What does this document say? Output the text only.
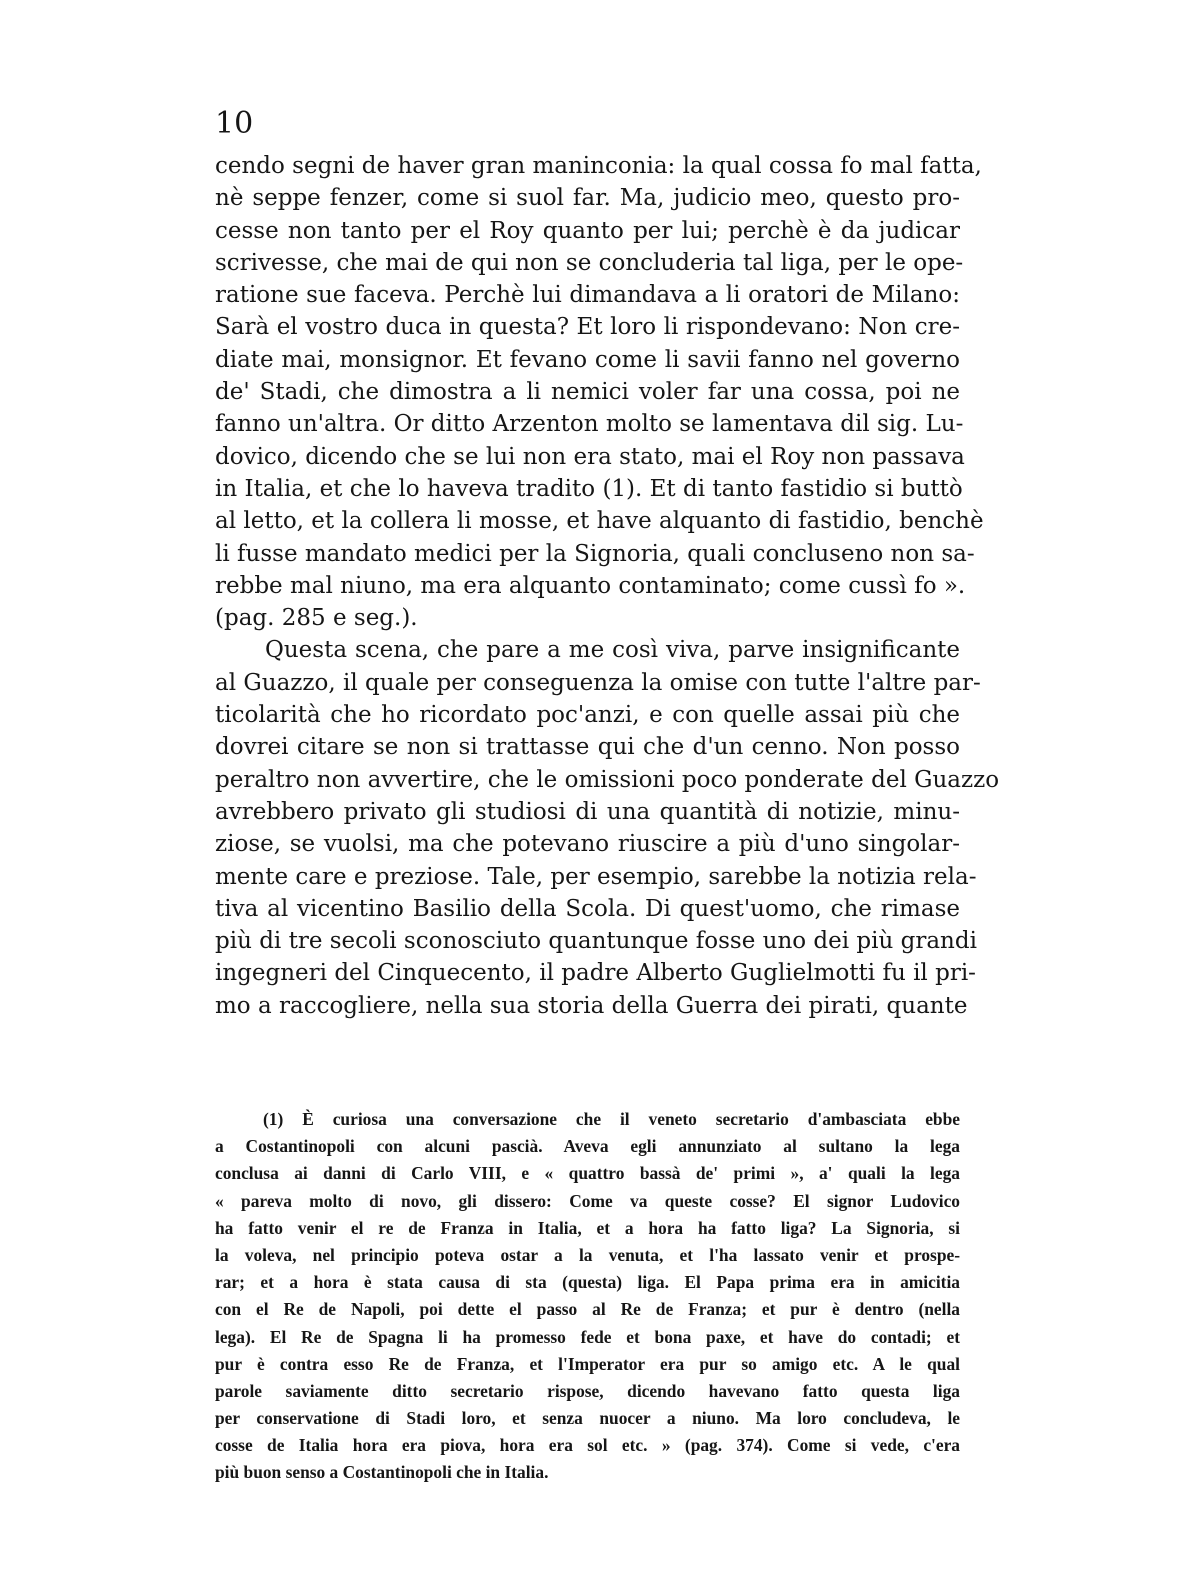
10
cendo segni de haver gran maninconia: la qual cossa fo mal fatta,
nè seppe fenzer, come si suol far. Ma, judicio meo, questo pro-
cesse non tanto per el Roy quanto per lui; perchè è da judicar
scrivesse, che mai de qui non se concluderia tal liga, per le ope-
ratione sue faceva. Perchè lui dimandava a li oratori de Milano:
Sarà el vostro duca in questa? Et loro li rispondevano: Non cre-
diate mai, monsignor. Et fevano come li savii fanno nel governo
de' Stadi, che dimostra a li nemici voler far una cossa, poi ne
fanno un'altra. Or ditto Arzenton molto se lamentava dil sig. Lu-
dovico, dicendo che se lui non era stato, mai el Roy non passava
in Italia, et che lo haveva tradito (1). Et di tanto fastidio si buttò
al letto, et la collera li mosse, et have alquanto di fastidio, benchè
li fusse mandato medici per la Signoria, quali concluseno non sa-
rebbe mal niuno, ma era alquanto contaminato; come cussì fo ».
(pag. 285 e seg.).
Questa scena, che pare a me così viva, parve insignificante
al Guazzo, il quale per conseguenza la omise con tutte l'altre par-
ticolarità che ho ricordato poc'anzi, e con quelle assai più che
dovrei citare se non si trattasse qui che d'un cenno. Non posso
peraltro non avvertire, che le omissioni poco ponderate del Guazzo
avrebbero privato gli studiosi di una quantità di notizie, minu-
ziose, se vuolsi, ma che potevano riuscire a più d'uno singolar-
mente care e preziose. Tale, per esempio, sarebbe la notizia rela-
tiva al vicentino Basilio della Scola. Di quest'uomo, che rimase
più di tre secoli sconosciuto quantunque fosse uno dei più grandi
ingegneri del Cinquecento, il padre Alberto Guglielmotti fu il pri-
mo a raccogliere, nella sua storia della Guerra dei pirati, quante
(1) È curiosa una conversazione che il veneto secretario d'ambasciata ebbe
a Costantinopoli con alcuni pascià. Aveva egli annunziato al sultano la lega
conclusa ai danni di Carlo VIII, e « quattro bassà de' primi », a' quali la lega
« pareva molto di novo, gli dissero: Come va queste cosse? El signor Ludovico
ha fatto venir el re de Franza in Italia, et a hora ha fatto liga? La Signoria, si
la voleva, nel principio poteva ostar a la venuta, et l'ha lassato venir et prospe-
rar; et a hora è stata causa di sta (questa) liga. El Papa prima era in amicitia
con el Re de Napoli, poi dette el passo al Re de Franza; et pur è dentro (nella
lega). El Re de Spagna li ha promesso fede et bona paxe, et have do contadi; et
pur è contra esso Re de Franza, et l'Imperator era pur so amigo etc. A le qual
parole saviamente ditto secretario rispose, dicendo havevano fatto questa liga
per conservatione di Stadi loro, et senza nuocer a niuno. Ma loro concludeva, le
cosse de Italia hora era piova, hora era sol etc. » (pag. 374). Come si vede, c'era
più buon senso a Costantinopoli che in Italia.
